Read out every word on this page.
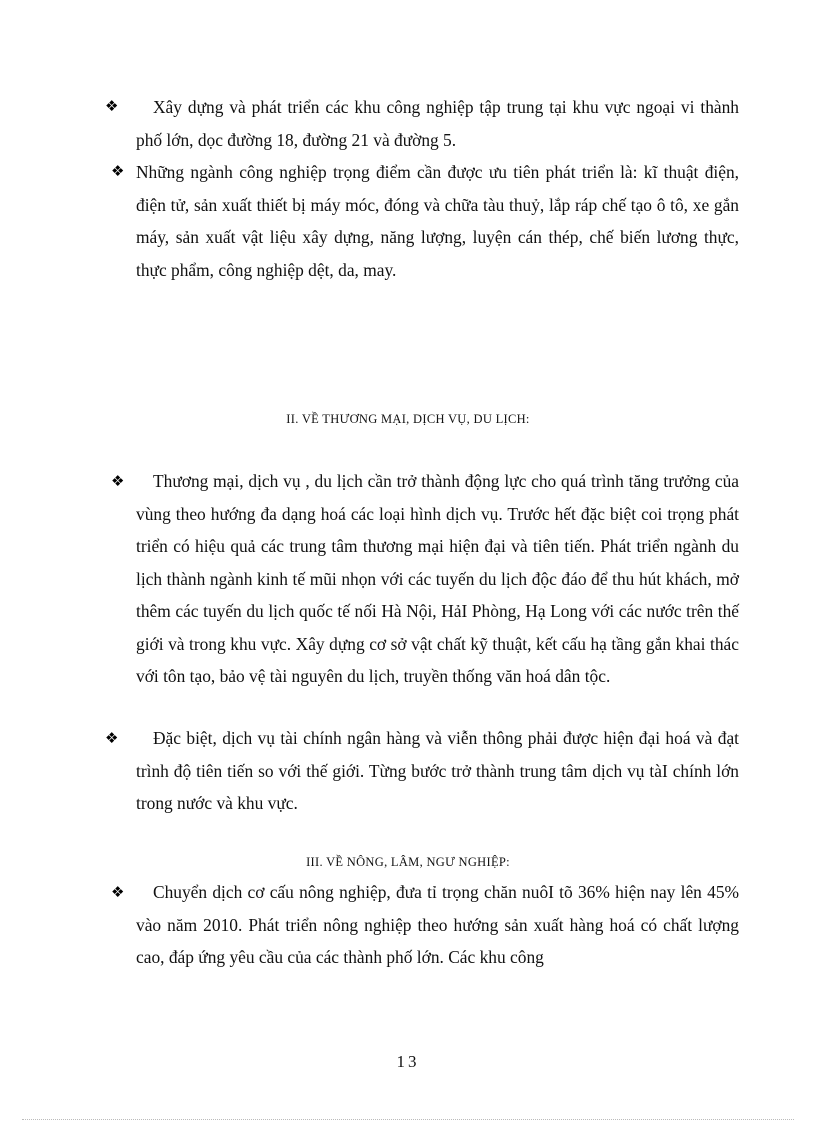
❖	Xây dựng và phát triển các khu công nghiệp tập trung tại khu vực ngoại vi thành phố lớn, dọc đường 18, đường 21 và đường 5.

❖ Những ngành công nghiệp trọng điểm cần được ưu tiên phát triển là: kĩ thuật điện, điện tử, sản xuất thiết bị máy móc, đóng và chữa tàu thuỷ, lắp ráp chế tạo ô tô, xe gắn máy, sản xuất vật liệu xây dựng, năng lượng, luyện cán thép, chế biến lương thực, thực phẩm, công nghiệp dệt, da, may.

II. VỀ THƯƠNG MẠI, DỊCH VỤ, DU LỊCH:

❖	Thương mại, dịch vụ , du lịch cần trở thành động lực cho quá trình tăng trưởng của vùng theo hướng đa dạng hoá các loại hình dịch vụ. Trước hết đặc biệt coi trọng phát triển có hiệu quả các trung tâm thương mại hiện đại và tiên tiến. Phát triển ngành du lịch thành ngành kinh tế mũi nhọn với các tuyến du lịch độc đáo để thu hút khách, mở thêm các tuyến du lịch quốc tế nối Hà Nội, HảI Phòng, Hạ Long với các nước trên thế giới và trong khu vực. Xây dựng cơ sở vật chất kỹ thuật, kết cấu hạ tầng gắn khai thác với tôn tạo, bảo vệ tài nguyên du lịch, truyền thống văn hoá dân tộc.

❖	Đặc biệt, dịch vụ tài chính ngân hàng và viễn thông phải được hiện đại hoá và đạt trình độ tiên tiến so với thế giới. Từng bước trở thành trung tâm dịch vụ tàI chính lớn trong nước và khu vực.

III. VỀ NÔNG, LÂM, NGƯ NGHIỆP:

❖	Chuyển dịch cơ cấu nông nghiệp, đưa tỉ trọng chăn nuôI tõ 36% hiện nay lên 45% vào năm 2010. Phát triển nông nghiệp theo hướng sản xuất hàng hoá có chất lượng cao, đáp ứng yêu cầu của các thành phố lớn. Các khu công

13
